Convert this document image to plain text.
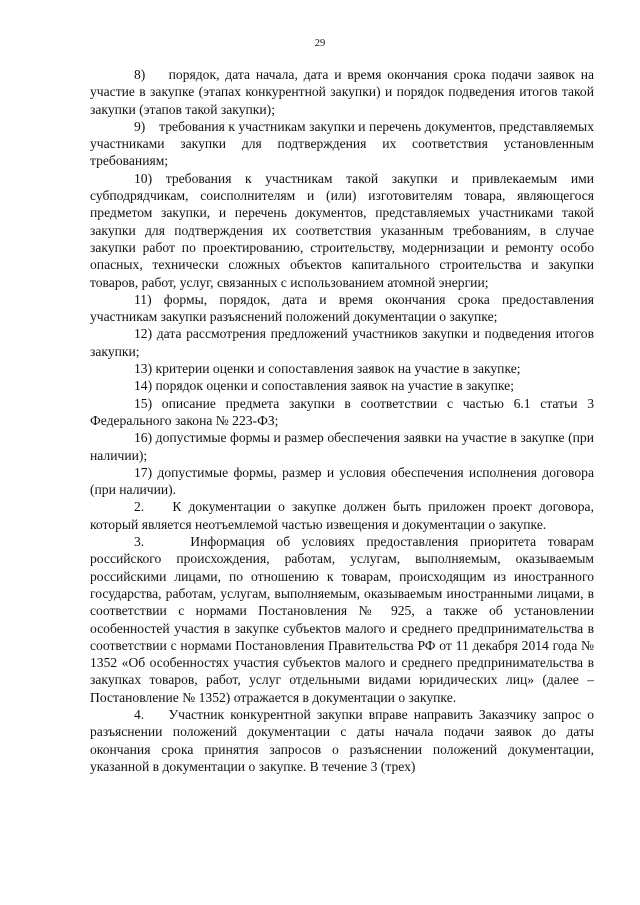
29

8)    порядок, дата начала, дата и время окончания срока подачи заявок на участие в закупке (этапах конкурентной закупки) и порядок подведения итогов такой закупки (этапов такой закупки);

9)    требования к участникам закупки и перечень документов, представляемых участниками закупки для подтверждения их соответствия установленным требованиям;

10) требования к участникам такой закупки и привлекаемым ими субподрядчикам, соисполнителям и (или) изготовителям товара, являющегося предметом закупки, и перечень документов, представляемых участниками такой закупки для подтверждения их соответствия указанным требованиям, в случае закупки работ по проектированию, строительству, модернизации и ремонту особо опасных, технически сложных объектов капитального строительства и закупки товаров, работ, услуг, связанных с использованием атомной энергии;

11) формы, порядок, дата и время окончания срока предоставления участникам закупки разъяснений положений документации о закупке;

12) дата рассмотрения предложений участников закупки и подведения итогов закупки;

13) критерии оценки и сопоставления заявок на участие в закупке;

14) порядок оценки и сопоставления заявок на участие в закупке;

15) описание предмета закупки в соответствии с частью 6.1 статьи 3 Федерального закона № 223-ФЗ;

16) допустимые формы и размер обеспечения заявки на участие в закупке (при наличии);

17) допустимые формы, размер и условия обеспечения исполнения договора (при наличии).

2.    К документации о закупке должен быть приложен проект договора, который является неотъемлемой частью извещения и документации о закупке.

3.    Информация об условиях предоставления приоритета товарам российского происхождения, работам, услугам, выполняемым, оказываемым российскими лицами, по отношению к товарам, происходящим из иностранного государства, работам, услугам, выполняемым, оказываемым иностранными лицами, в соответствии с нормами Постановления № 925, а также об установлении особенностей участия в закупке субъектов малого и среднего предпринимательства в соответствии с нормами Постановления Правительства РФ от 11 декабря 2014 года № 1352 «Об особенностях участия субъектов малого и среднего предпринимательства в закупках товаров, работ, услуг отдельными видами юридических лиц» (далее – Постановление № 1352) отражается в документации о закупке.

4.    Участник конкурентной закупки вправе направить Заказчику запрос о разъяснении положений документации с даты начала подачи заявок до даты окончания срока принятия запросов о разъяснении положений документации, указанной в документации о закупке. В течение 3 (трех)
